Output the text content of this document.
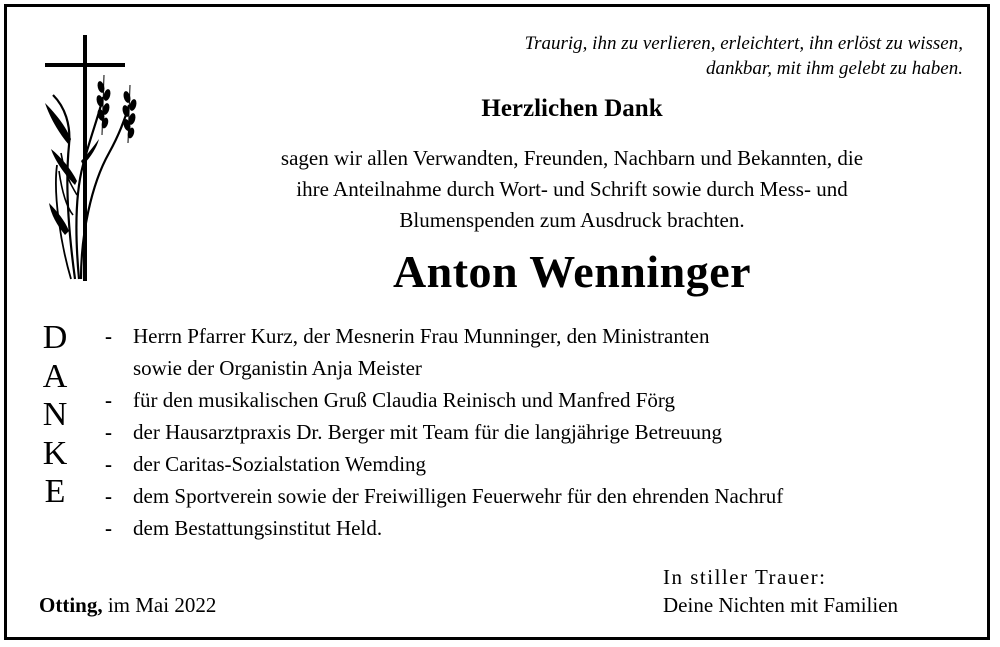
Traurig, ihn zu verlieren, erleichtert, ihn erlöst zu wissen,
dankbar, mit ihm gelebt zu haben.
Herzlichen Dank
sagen wir allen Verwandten, Freunden, Nachbarn und Bekannten, die
ihre Anteilnahme durch Wort- und Schrift sowie durch Mess- und
Blumenspenden zum Ausdruck brachten.
Anton Wenninger
D
A
N
K
E
-	Herrn Pfarrer Kurz, der Mesnerin Frau Munninger, den Ministranten
sowie der Organistin Anja Meister
-	für den musikalischen Gruß Claudia Reinisch und Manfred Förg
-	der Hausarztpraxis Dr. Berger mit Team für die langjährige Betreuung
-	der Caritas-Sozialstation Wemding
-	dem Sportverein sowie der Freiwilligen Feuerwehr für den ehrenden Nachruf
-	dem Bestattungsinstitut Held.
Otting, im Mai 2022
In stiller Trauer:
Deine Nichten mit Familien
